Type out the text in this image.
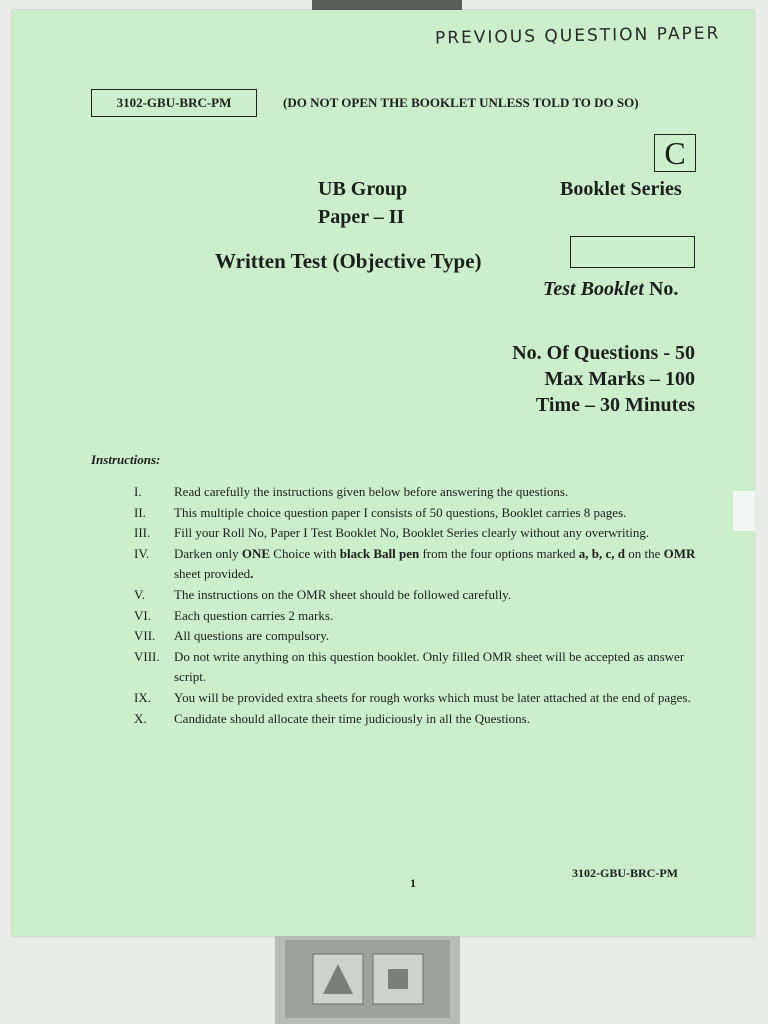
PREVIOUS QUESTION PAPER
3102-GBU-BRC-PM	(DO NOT OPEN THE BOOKLET UNLESS TOLD TO DO SO)
C
UB Group
Paper – II
Booklet Series
Written Test (Objective Type)
Test Booklet No.
No. Of Questions - 50
Max Marks – 100
Time – 30 Minutes
Instructions:
I.	Read carefully the instructions given below before answering the questions.
II.	This multiple choice question paper I consists of 50 questions, Booklet carries 8 pages.
III.	Fill your Roll No, Paper I Test Booklet No, Booklet Series clearly without any overwriting.
IV.	Darken only ONE Choice with black Ball pen from the four options marked a, b, c, d on the OMR sheet provided.
V.	The instructions on the OMR sheet should be followed carefully.
VI.	Each question carries 2 marks.
VII.	All questions are compulsory.
VIII.	Do not write anything on this question booklet. Only filled OMR sheet will be accepted as answer script.
IX.	You will be provided extra sheets for rough works which must be later attached at the end of pages.
X.	Candidate should allocate their time judiciously in all the Questions.
1
3102-GBU-BRC-PM
